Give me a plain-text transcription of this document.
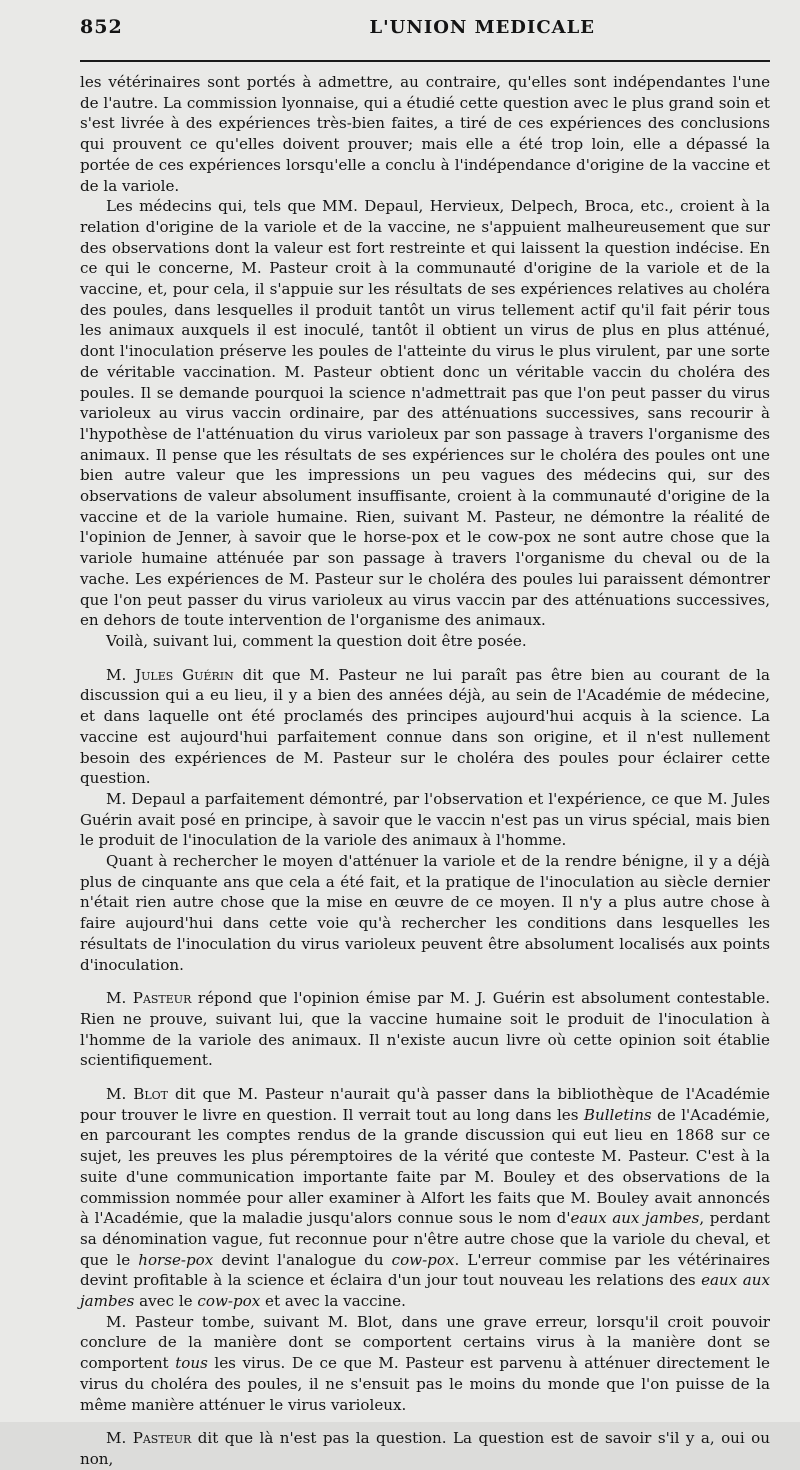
852	L'UNION MEDICALE

les vétérinaires sont portés à admettre, au contraire, qu'elles sont indépendantes l'une de l'autre. La commission lyonnaise, qui a étudié cette question avec le plus grand soin et s'est livrée à des expériences très-bien faites, a tiré de ces expériences des conclusions qui prouvent ce qu'elles doivent prouver; mais elle a été trop loin, elle a dépassé la portée de ces expériences lorsqu'elle a conclu à l'indépendance d'origine de la vaccine et de la variole.

Les médecins qui, tels que MM. Depaul, Hervieux, Delpech, Broca, etc., croient à la relation d'origine de la variole et de la vaccine, ne s'appuient malheureusement que sur des observations dont la valeur est fort restreinte et qui laissent la question indécise. En ce qui le concerne, M. Pasteur croit à la communauté d'origine de la variole et de la vaccine, et, pour cela, il s'appuie sur les résultats de ses expériences relatives au choléra des poules, dans lesquelles il produit tantôt un virus tellement actif qu'il fait périr tous les animaux auxquels il est inoculé, tantôt il obtient un virus de plus en plus atténué, dont l'inoculation préserve les poules de l'atteinte du virus le plus virulent, par une sorte de véritable vaccination. M. Pasteur obtient donc un véritable vaccin du choléra des poules. Il se demande pourquoi la science n'admettrait pas que l'on peut passer du virus varioleux au virus vaccin ordinaire, par des atténuations successives, sans recourir à l'hypothèse de l'atténuation du virus varioleux par son passage à travers l'organisme des animaux. Il pense que les résultats de ses expériences sur le choléra des poules ont une bien autre valeur que les impressions un peu vagues des médecins qui, sur des observations de valeur absolument insuffisante, croient à la communauté d'origine de la vaccine et de la variole humaine. Rien, suivant M. Pasteur, ne démontre la réalité de l'opinion de Jenner, à savoir que le horse-pox et le cow-pox ne sont autre chose que la variole humaine atténuée par son passage à travers l'organisme du cheval ou de la vache. Les expériences de M. Pasteur sur le choléra des poules lui paraissent démontrer que l'on peut passer du virus varioleux au virus vaccin par des atténuations successives, en dehors de toute intervention de l'organisme des animaux.

Voilà, suivant lui, comment la question doit être posée.

M. Jules Guérin dit que M. Pasteur ne lui paraît pas être bien au courant de la discussion qui a eu lieu, il y a bien des années déjà, au sein de l'Académie de médecine, et dans laquelle ont été proclamés des principes aujourd'hui acquis à la science. La vaccine est aujourd'hui parfaitement connue dans son origine, et il n'est nullement besoin des expériences de M. Pasteur sur le choléra des poules pour éclairer cette question.

M. Depaul a parfaitement démontré, par l'observation et l'expérience, ce que M. Jules Guérin avait posé en principe, à savoir que le vaccin n'est pas un virus spécial, mais bien le produit de l'inoculation de la variole des animaux à l'homme.

Quant à rechercher le moyen d'atténuer la variole et de la rendre bénigne, il y a déjà plus de cinquante ans que cela a été fait, et la pratique de l'inoculation au siècle dernier n'était rien autre chose que la mise en œuvre de ce moyen. Il n'y a plus autre chose à faire aujourd'hui dans cette voie qu'à rechercher les conditions dans lesquelles les résultats de l'inoculation du virus varioleux peuvent être absolument localisés aux points d'inoculation.

M. Pasteur répond que l'opinion émise par M. J. Guérin est absolument contestable. Rien ne prouve, suivant lui, que la vaccine humaine soit le produit de l'inoculation à l'homme de la variole des animaux. Il n'existe aucun livre où cette opinion soit établie scientifiquement.

M. Blot dit que M. Pasteur n'aurait qu'à passer dans la bibliothèque de l'Académie pour trouver le livre en question. Il verrait tout au long dans les Bulletins de l'Académie, en parcourant les comptes rendus de la grande discussion qui eut lieu en 1868 sur ce sujet, les preuves les plus péremptoires de la vérité que conteste M. Pasteur. C'est à la suite d'une communication importante faite par M. Bouley et des observations de la commission nommée pour aller examiner à Alfort les faits que M. Bouley avait annoncés à l'Académie, que la maladie jusqu'alors connue sous le nom d'eaux aux jambes, perdant sa dénomination vague, fut reconnue pour n'être autre chose que la variole du cheval, et que le horse-pox devint l'analogue du cow-pox. L'erreur commise par les vétérinaires devint profitable à la science et éclaira d'un jour tout nouveau les relations des eaux aux jambes avec le cow-pox et avec la vaccine.

M. Pasteur tombe, suivant M. Blot, dans une grave erreur, lorsqu'il croit pouvoir conclure de la manière dont se comportent certains virus à la manière dont se comportent tous les virus. De ce que M. Pasteur est parvenu à atténuer directement le virus du choléra des poules, il ne s'ensuit pas le moins du monde que l'on puisse de la même manière atténuer le virus varioleux.

M. Pasteur dit que là n'est pas la question. La question est de savoir s'il y a, oui ou non,
